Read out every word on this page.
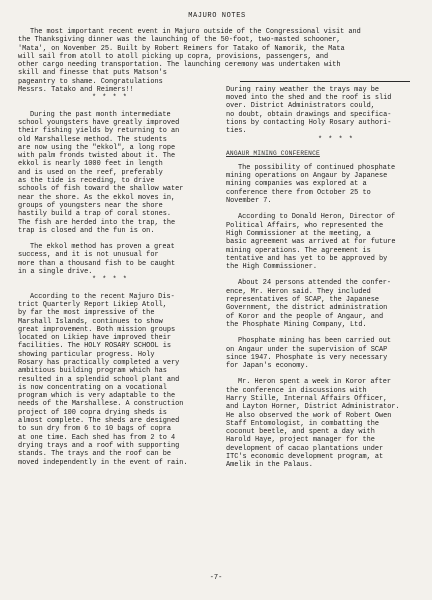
MAJURO NOTES
The most important recent event in Majuro outside of the Congressional visit and
the Thanksgiving dinner was the launching of the 50-foot, two-masted schooner,
'Mata', on November 25. Built by Robert Reimers for Tatako of Namorik, the Mata
will sail from atoll to atoll picking up copra, provisions, passengers, and
other cargo needing transportation. The launching ceremony was undertaken with
skill and finesse that puts Matson's
pageantry to shame. Congratulations
Messrs. Tatako and Reimers!!
* * * *
During the past month intermediate
school youngsters have greatly improved
their fishing yields by returning to an
old Marshallese method. The students
are now using the "ekkol", a long rope
with palm fronds twisted about it. The
ekkol is nearly 1000 feet in length
and is used on the reef, preferably
as the tide is receding, to drive
schools of fish toward the shallow water
near the shore. As the ekkol moves in,
groups of youngsters near the shore
hastily build a trap of coral stones.
The fish are herded into the trap, the
trap is closed and the fun is on.
The ekkol method has proven a great
success, and it is not unusual for
more than a thousand fish to be caught
in a single drive.
* * * *
According to the recent Majuro Dis-
trict Quarterly Report Likiep Atoll,
by far the most impressive of the
Marshall Islands, continues to show
great improvement. Both mission groups
located on Likiep have improved their
facilities. The HOLY ROSARY SCHOOL is
showing particular progress. Holy
Rosary has practically completed a very
ambitious building program which has
resulted in a splendid school plant and
is now concentrating on a vocational
program which is very adaptable to the
needs of the Marshallese. A construction
project of 100 copra drying sheds is
almost complete. The sheds are designed
to sun dry from 6 to 10 bags of copra
at one time. Each shed has from 2 to 4
drying trays and a roof with supporting
stands. The trays and the roof can be
moved independently in the event of rain.
During rainy weather the trays may be
moved into the shed and the roof is slid
over. District Administrators could,
no doubt, obtain drawings and specifica-
tions by contacting Holy Rosary authori-
ties.
* * * *
ANGAUR MINING CONFERENCE
The possibility of continued phosphate
mining operations on Angaur by Japanese
mining companies was explored at a
conference there from October 25 to
November 7.
According to Donald Heron, Director of
Political Affairs, who represented the
High Commissioner at the meeting, a
basic agreement was arrived at for future
mining operations. The agreement is
tentative and has yet to be approved by
the High Commissioner.
About 24 persons attended the confer-
ence, Mr. Heron said. They included
representatives of SCAP, the Japanese
Government, the district administration
of Koror and the people of Angaur, and
the Phosphate Mining Company, Ltd.
Phosphate mining has been carried out
on Angaur under the supervision of SCAP
since 1947. Phosphate is very necessary
for Japan's economy.
Mr. Heron spent a week in Koror after
the conference in discussions with
Harry Stille, Internal Affairs Officer,
and Layton Horner, District Administrator.
He also observed the work of Robert Owen
Staff Entomologist, in combatting the
coconut beetle, and spent a day with
Harold Haye, project manager for the
development of cacao plantations under
ITC's economic development program, at
Amelik in the Palaus.
-7-
